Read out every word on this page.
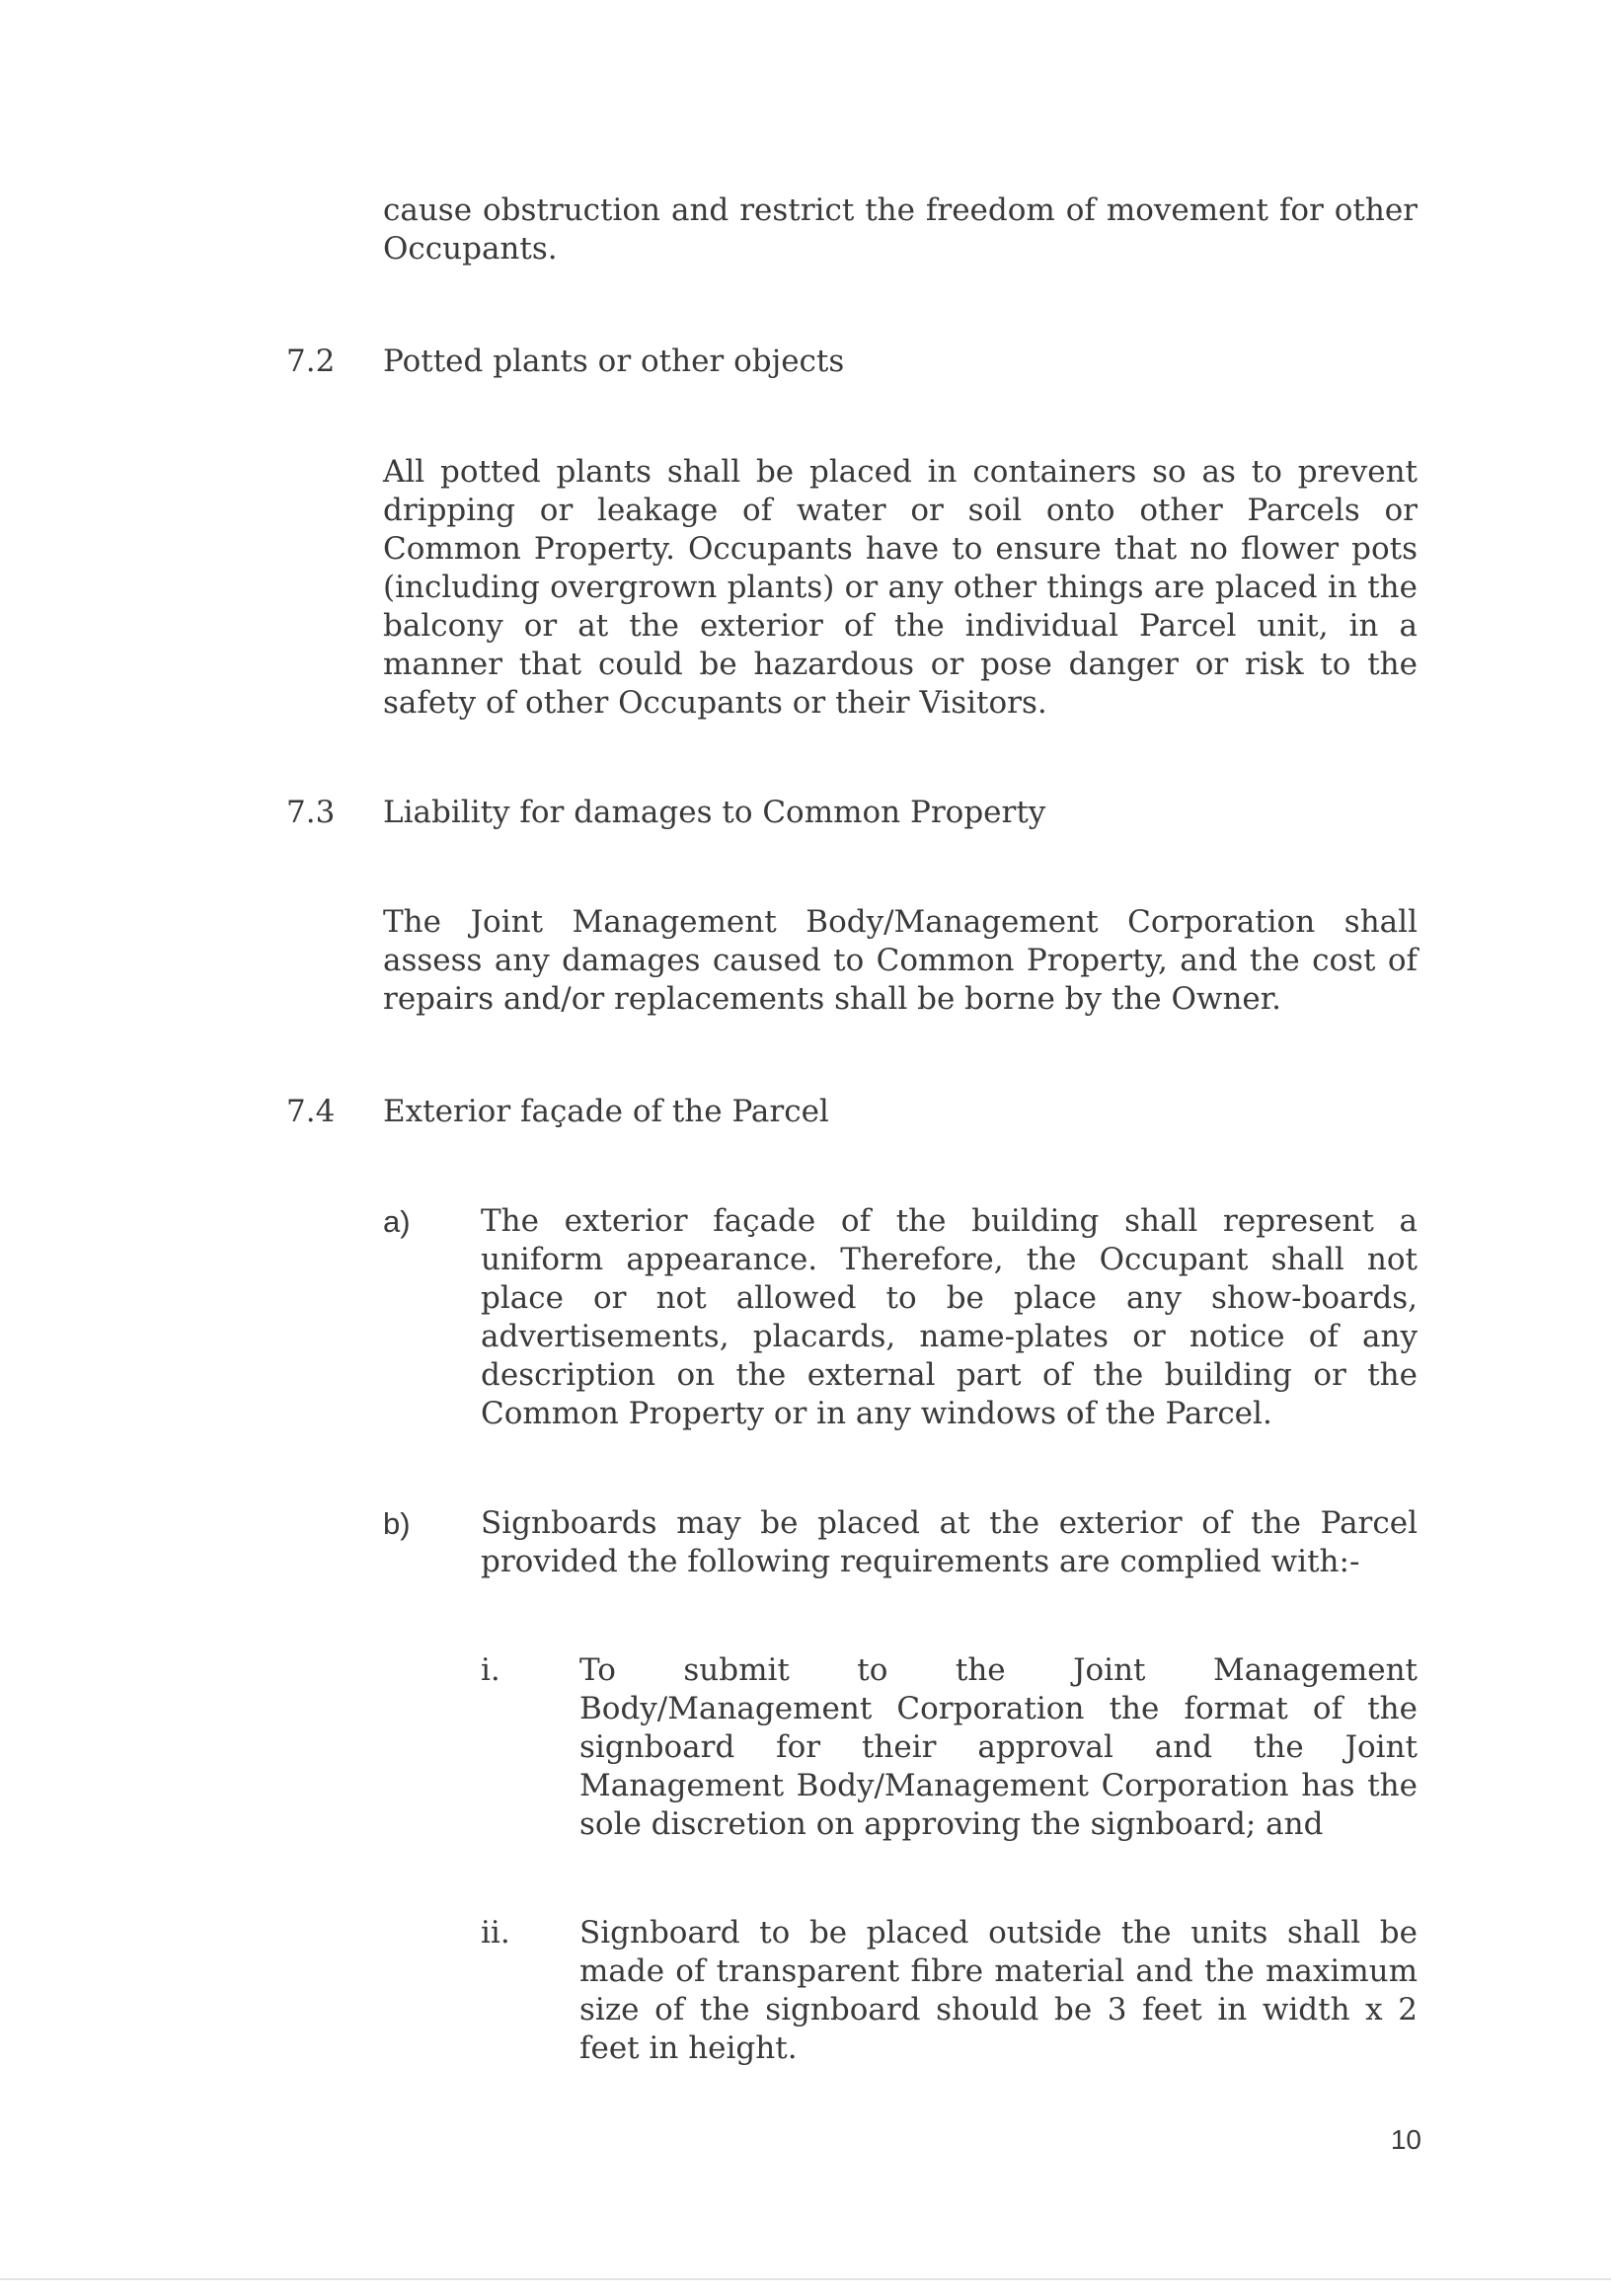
cause obstruction and restrict the freedom of movement for other Occupants.

7.2 Potted plants or other objects

All potted plants shall be placed in containers so as to prevent dripping or leakage of water or soil onto other Parcels or Common Property. Occupants have to ensure that no flower pots (including overgrown plants) or any other things are placed in the balcony or at the exterior of the individual Parcel unit, in a manner that could be hazardous or pose danger or risk to the safety of other Occupants or their Visitors.

7.3 Liability for damages to Common Property

The Joint Management Body/Management Corporation shall assess any damages caused to Common Property, and the cost of repairs and/or replacements shall be borne by the Owner.

7.4 Exterior façade of the Parcel

a) The exterior façade of the building shall represent a uniform appearance. Therefore, the Occupant shall not place or not allowed to be place any show-boards, advertisements, placards, name-plates or notice of any description on the external part of the building or the Common Property or in any windows of the Parcel.

b) Signboards may be placed at the exterior of the Parcel provided the following requirements are complied with:-

i.	To submit to the Joint Management Body/Management Corporation the format of the signboard for their approval and the Joint Management Body/Management Corporation has the sole discretion on approving the signboard; and

ii. Signboard to be placed outside the units shall be made of transparent fibre material and the maximum size of the signboard should be 3 feet in width x 2 feet in height.

10
